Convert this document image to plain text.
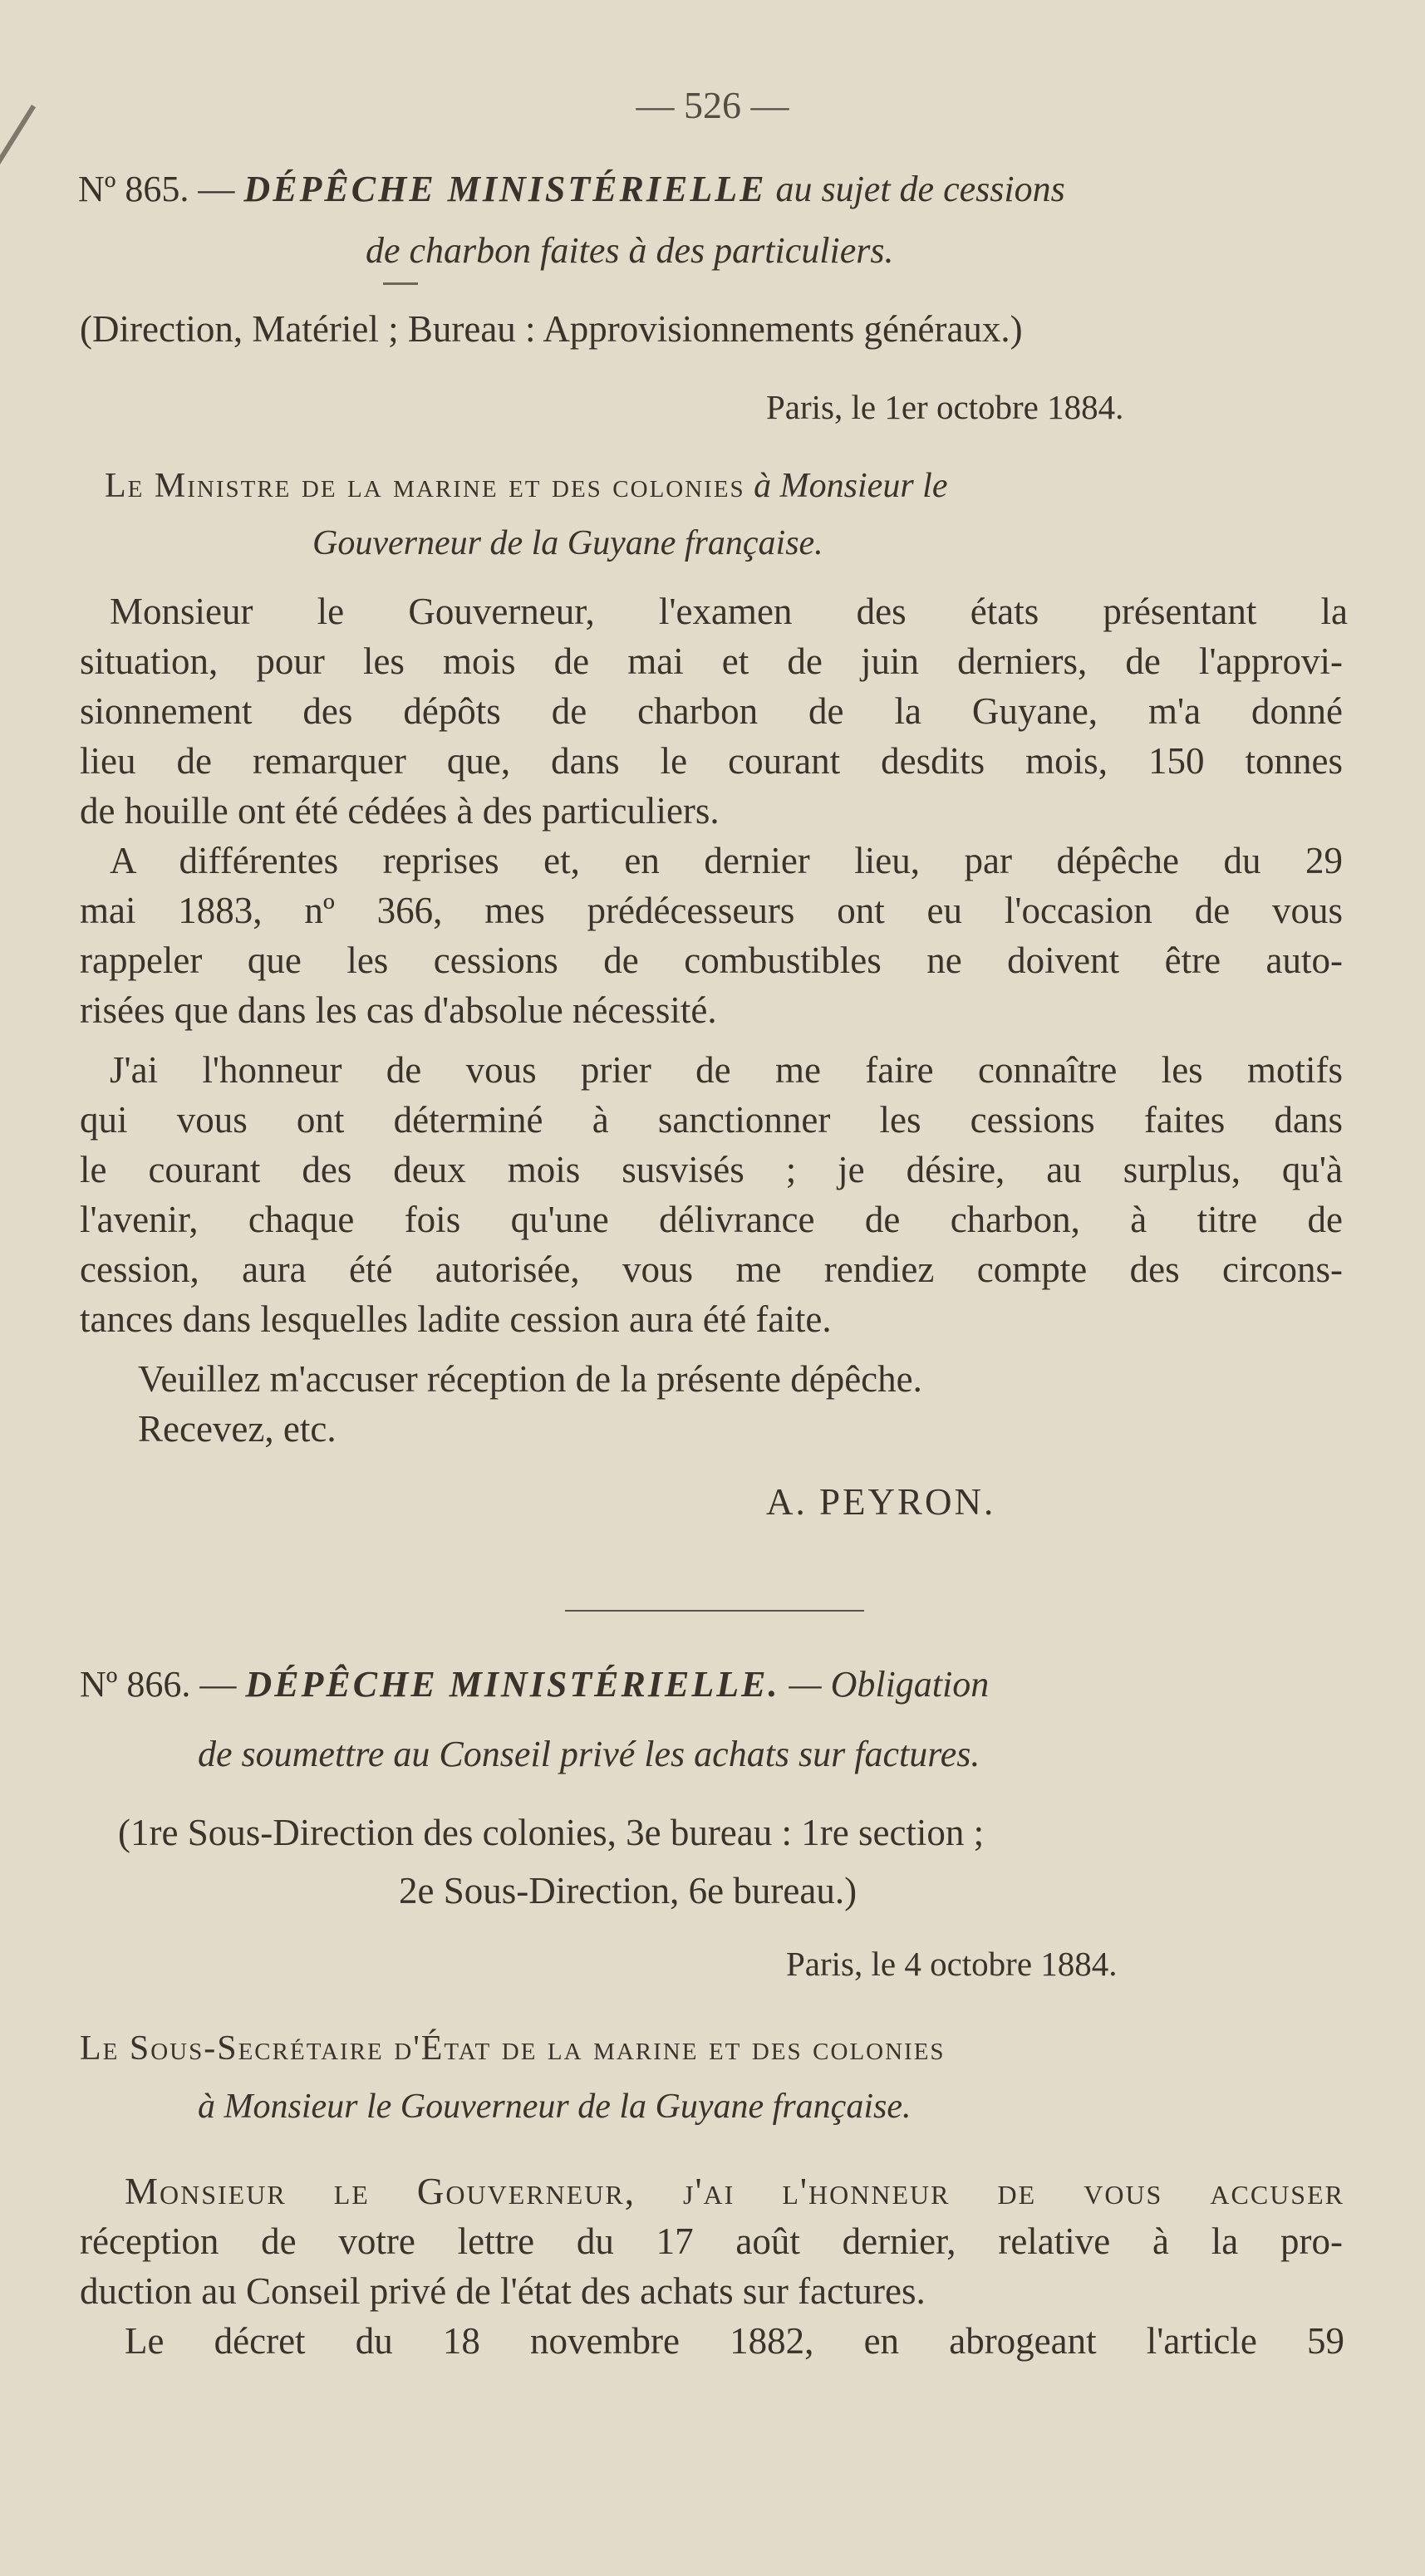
— 526 —
Nº 865. — DÉPÊCHE MINISTÉRIELLE au sujet de cessions
de charbon faites à des particuliers.
(Direction, Matériel ; Bureau : Approvisionnements généraux.)
Paris, le 1er octobre 1884.
Le Ministre de la marine et des colonies à Monsieur le
Gouverneur de la Guyane française.
Monsieur le Gouverneur, l'examen des états présentant la
situation, pour les mois de mai et de juin derniers, de l'approvi-
sionnement des dépôts de charbon de la Guyane, m'a donné
lieu de remarquer que, dans le courant desdits mois, 150 tonnes
de houille ont été cédées à des particuliers.
A différentes reprises et, en dernier lieu, par dépêche du 29
mai 1883, nº 366, mes prédécesseurs ont eu l'occasion de vous
rappeler que les cessions de combustibles ne doivent être auto-
risées que dans les cas d'absolue nécessité.
J'ai l'honneur de vous prier de me faire connaître les motifs
qui vous ont déterminé à sanctionner les cessions faites dans
le courant des deux mois susvisés ; je désire, au surplus, qu'à
l'avenir, chaque fois qu'une délivrance de charbon, à titre de
cession, aura été autorisée, vous me rendiez compte des circons-
tances dans lesquelles ladite cession aura été faite.
Veuillez m'accuser réception de la présente dépêche.
Recevez, etc.
A. PEYRON.
Nº 866. — DÉPÊCHE MINISTÉRIELLE. — Obligation
de soumettre au Conseil privé les achats sur factures.
(1re Sous-Direction des colonies, 3e bureau : 1re section ;
2e Sous-Direction, 6e bureau.)
Paris, le 4 octobre 1884.
Le Sous-Secrétaire d'État de la marine et des colonies
à Monsieur le Gouverneur de la Guyane française.
Monsieur le Gouverneur, j'ai l'honneur de vous accuser
réception de votre lettre du 17 août dernier, relative à la pro-
duction au Conseil privé de l'état des achats sur factures.
Le décret du 18 novembre 1882, en abrogeant l'article 59
